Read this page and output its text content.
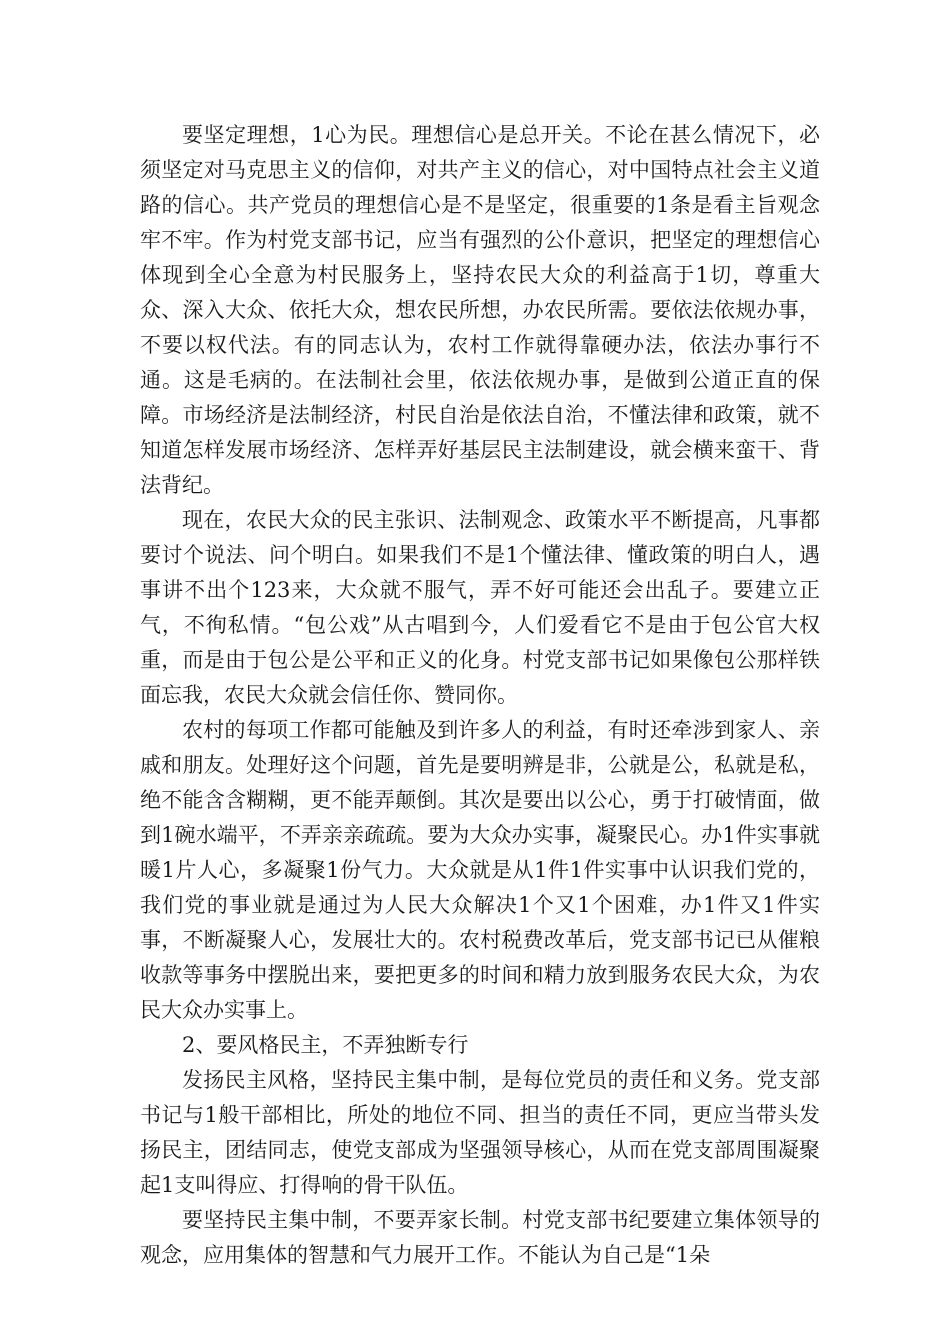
要坚定理想，1心为民。理想信心是总开关。不论在甚么情况下，必须坚定对马克思主义的信仰，对共产主义的信心，对中国特点社会主义道路的信心。共产党员的理想信心是不是坚定，很重要的1条是看主旨观念牢不牢。作为村党支部书记，应当有强烈的公仆意识，把坚定的理想信心体现到全心全意为村民服务上，坚持农民大众的利益高于1切，尊重大众、深入大众、依托大众，想农民所想，办农民所需。要依法依规办事，不要以权代法。有的同志认为，农村工作就得靠硬办法，依法办事行不通。这是毛病的。在法制社会里，依法依规办事，是做到公道正直的保障。市场经济是法制经济，村民自治是依法自治，不懂法律和政策，就不知道怎样发展市场经济、怎样弄好基层民主法制建设，就会横来蛮干、背法背纪。

现在，农民大众的民主张识、法制观念、政策水平不断提高，凡事都要讨个说法、问个明白。如果我们不是1个懂法律、懂政策的明白人，遇事讲不出个123来，大众就不服气，弄不好可能还会出乱子。要建立正气，不徇私情。“包公戏”从古唱到今，人们爱看它不是由于包公官大权重，而是由于包公是公平和正义的化身。村党支部书记如果像包公那样铁面忘我，农民大众就会信任你、赞同你。

农村的每项工作都可能触及到许多人的利益，有时还牵涉到家人、亲戚和朋友。处理好这个问题，首先是要明辨是非，公就是公，私就是私，绝不能含含糊糊，更不能弄颠倒。其次是要出以公心，勇于打破情面，做到1碗水端平，不弄亲亲疏疏。要为大众办实事，凝聚民心。办1件实事就暖1片人心，多凝聚1份气力。大众就是从1件1件实事中认识我们党的，我们党的事业就是通过为人民大众解决1个又1个困难，办1件又1件实事，不断凝聚人心，发展壮大的。农村税费改革后，党支部书记已从催粮收款等事务中摆脱出来，要把更多的时间和精力放到服务农民大众，为农民大众办实事上。

2、要风格民主，不弄独断专行

发扬民主风格，坚持民主集中制，是每位党员的责任和义务。党支部书记与1般干部相比，所处的地位不同、担当的责任不同，更应当带头发扬民主，团结同志，使党支部成为坚强领导核心，从而在党支部周围凝聚起1支叫得应、打得响的骨干队伍。

要坚持民主集中制，不要弄家长制。村党支部书纪要建立集体领导的观念，应用集体的智慧和气力展开工作。不能认为自己是“1朵
